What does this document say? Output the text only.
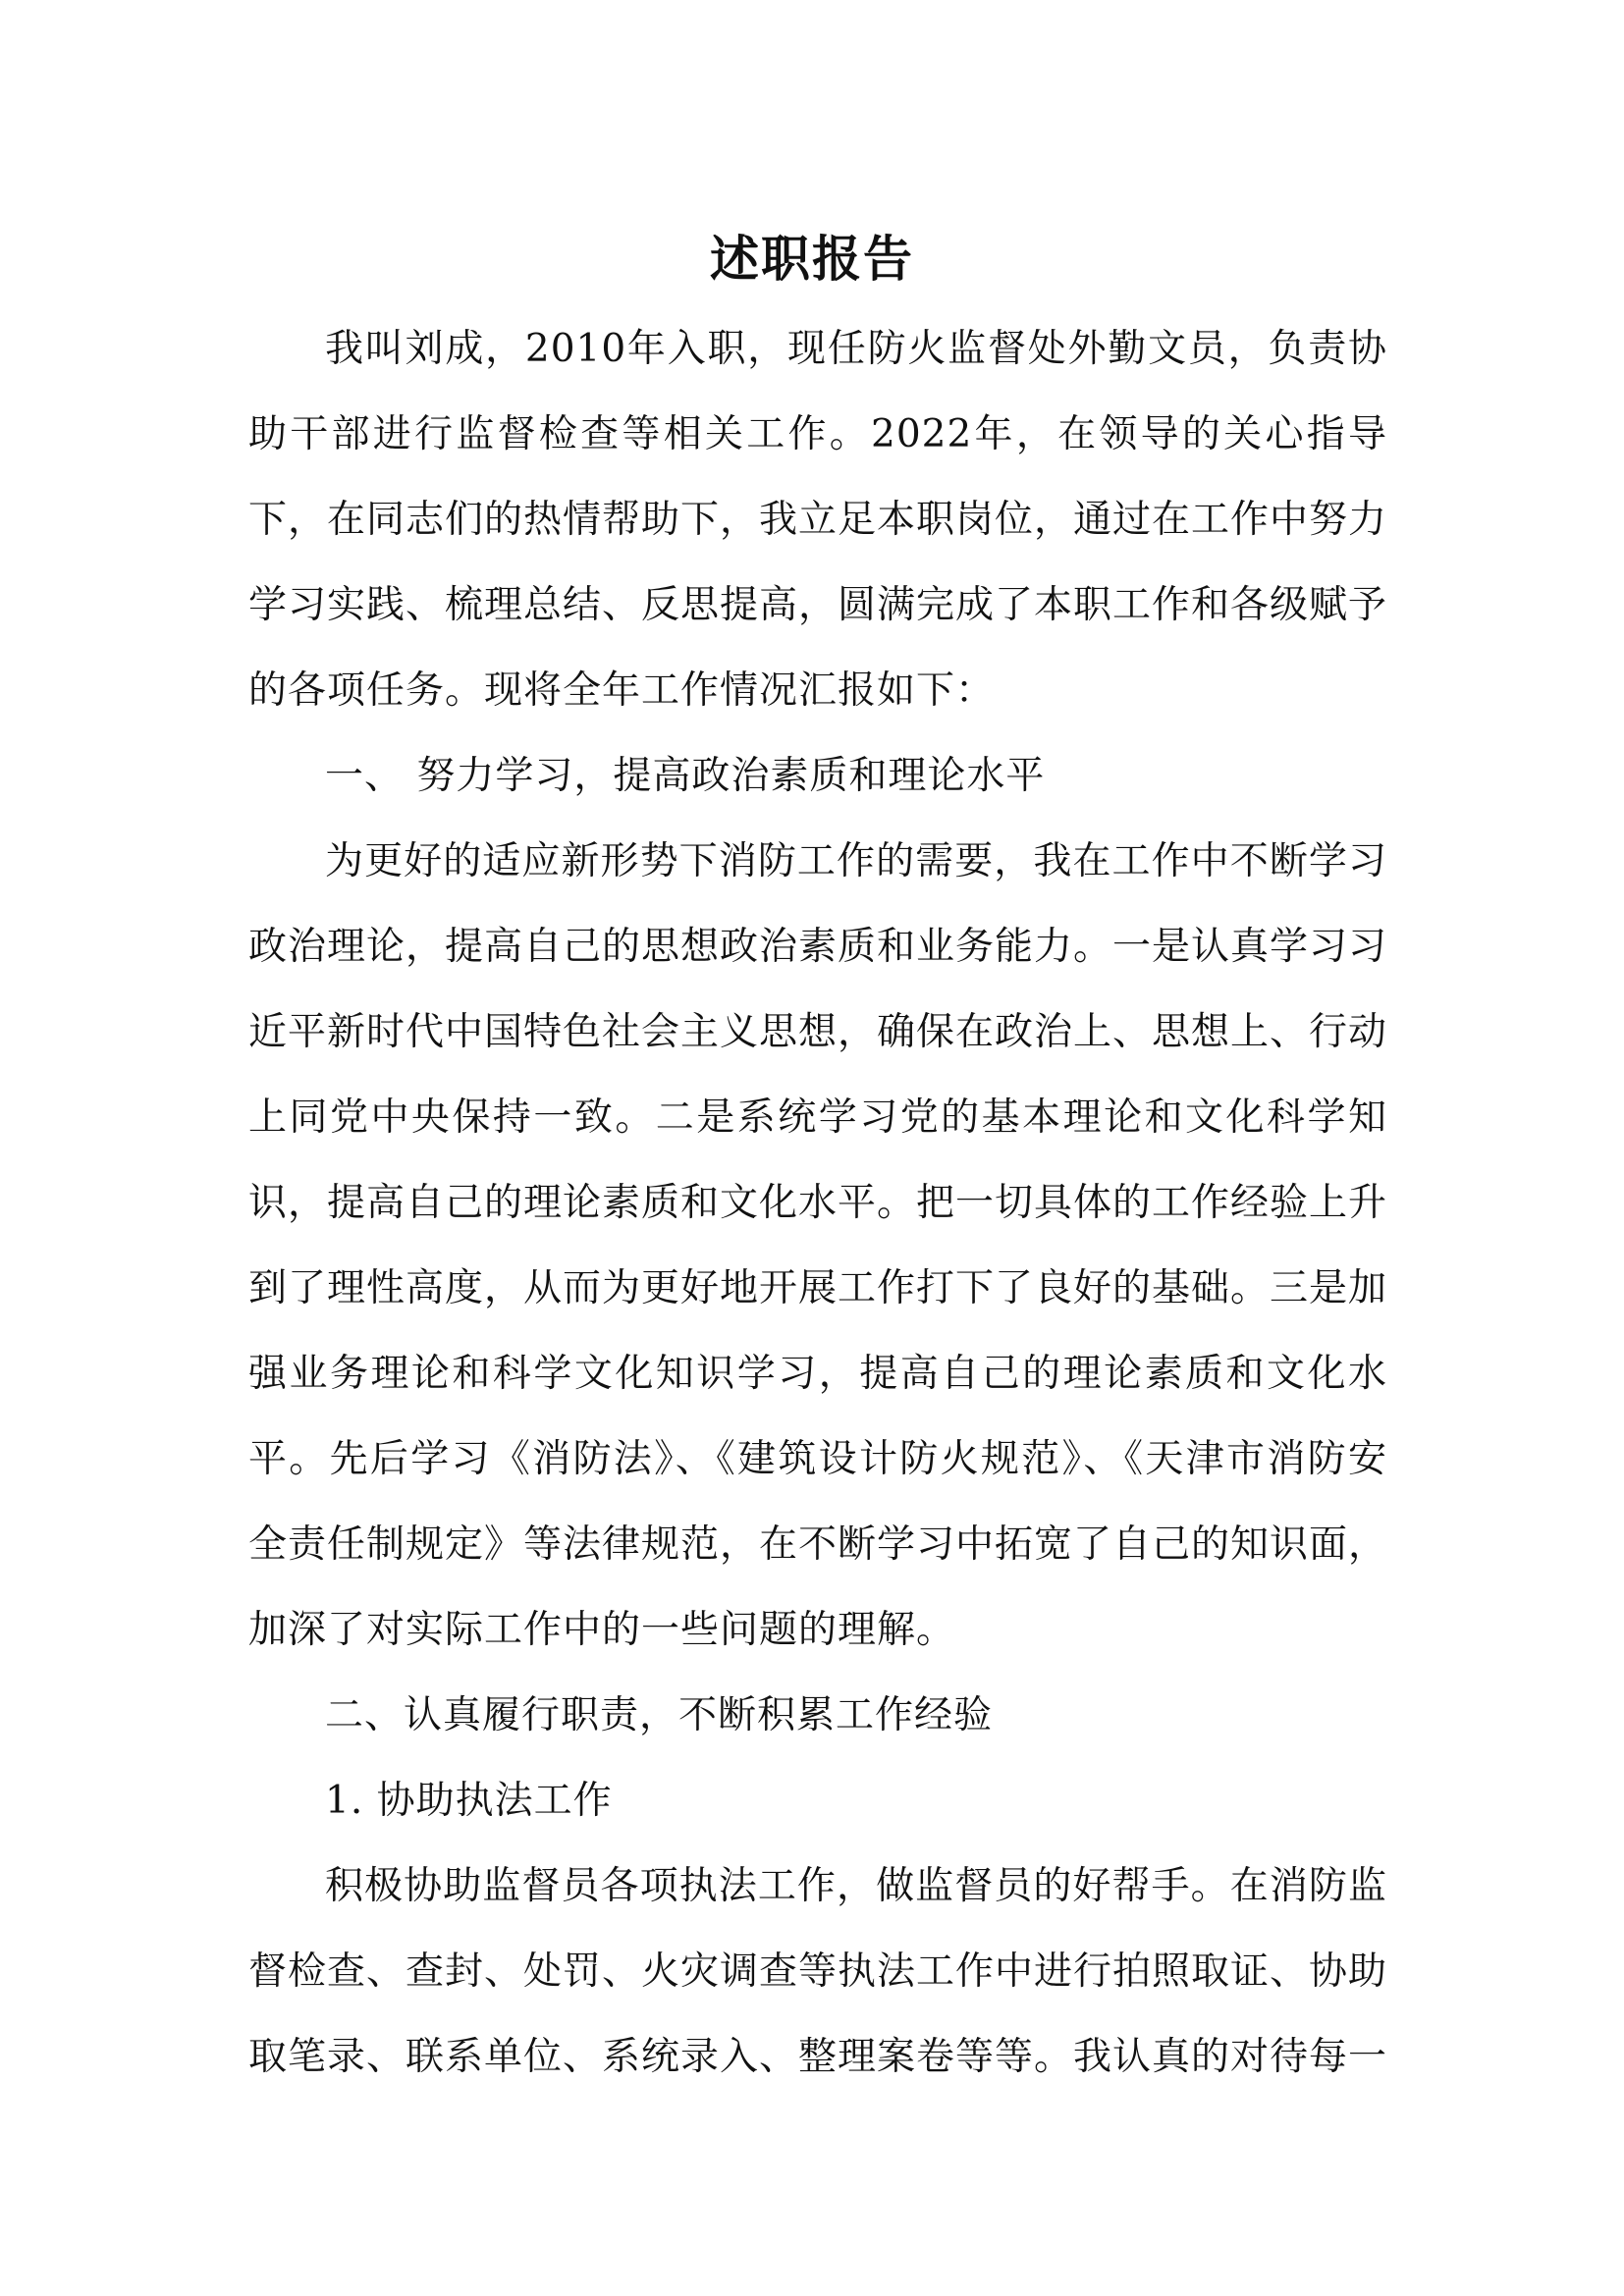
述职报告

我叫刘成，2010年入职，现任防火监督处外勤文员，负责协助干部进行监督检查等相关工作。2022年，在领导的关心指导下，在同志们的热情帮助下，我立足本职岗位，通过在工作中努力学习实践、梳理总结、反思提高，圆满完成了本职工作和各级赋予的各项任务。现将全年工作情况汇报如下：

一、 努力学习，提高政治素质和理论水平

为更好的适应新形势下消防工作的需要，我在工作中不断学习政治理论，提高自己的思想政治素质和业务能力。一是认真学习习近平新时代中国特色社会主义思想，确保在政治上、思想上、行动上同党中央保持一致。二是系统学习党的基本理论和文化科学知识，提高自己的理论素质和文化水平。把一切具体的工作经验上升到了理性高度，从而为更好地开展工作打下了良好的基础。三是加强业务理论和科学文化知识学习，提高自己的理论素质和文化水平。先后学习《消防法》、《建筑设计防火规范》、《天津市消防安全责任制规定》等法律规范，在不断学习中拓宽了自己的知识面，加深了对实际工作中的一些问题的理解。

二、认真履行职责，不断积累工作经验

1. 协助执法工作

积极协助监督员各项执法工作，做监督员的好帮手。在消防监督检查、查封、处罚、火灾调查等执法工作中进行拍照取证、协助取笔录、联系单位、系统录入、整理案卷等等。我认真的对待每一
